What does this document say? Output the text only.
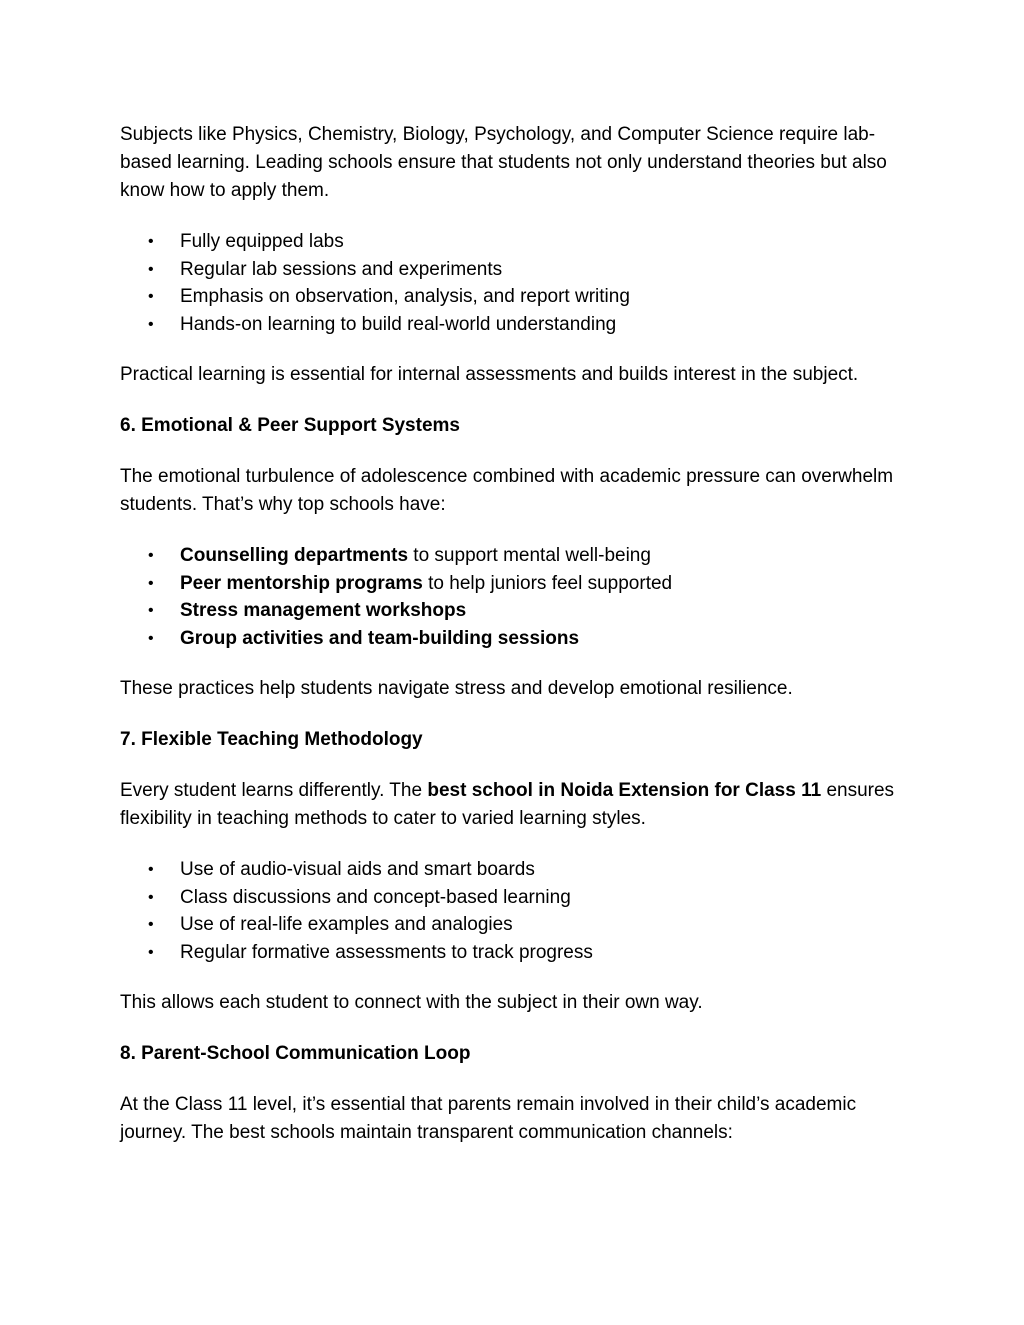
Subjects like Physics, Chemistry, Biology, Psychology, and Computer Science require lab-based learning. Leading schools ensure that students not only understand theories but also know how to apply them.

• Fully equipped labs
• Regular lab sessions and experiments
• Emphasis on observation, analysis, and report writing
• Hands-on learning to build real-world understanding

Practical learning is essential for internal assessments and builds interest in the subject.

6. Emotional & Peer Support Systems

The emotional turbulence of adolescence combined with academic pressure can overwhelm students. That’s why top schools have:

• Counselling departments to support mental well-being
• Peer mentorship programs to help juniors feel supported
• Stress management workshops
• Group activities and team-building sessions

These practices help students navigate stress and develop emotional resilience.

7. Flexible Teaching Methodology

Every student learns differently. The best school in Noida Extension for Class 11 ensures flexibility in teaching methods to cater to varied learning styles.

• Use of audio-visual aids and smart boards
• Class discussions and concept-based learning
• Use of real-life examples and analogies
• Regular formative assessments to track progress

This allows each student to connect with the subject in their own way.

8. Parent-School Communication Loop

At the Class 11 level, it’s essential that parents remain involved in their child’s academic journey. The best schools maintain transparent communication channels:
